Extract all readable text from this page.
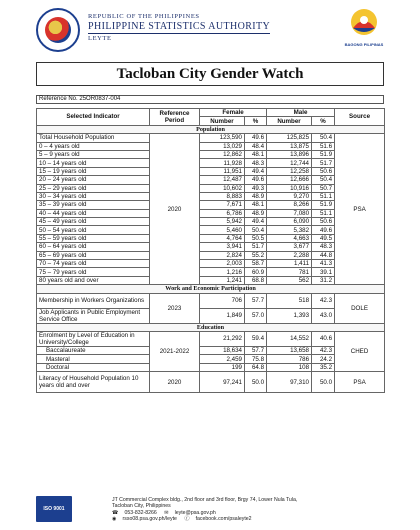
REPUBLIC OF THE PHILIPPINES
PHILIPPINE STATISTICS AUTHORITY
LEYTE
BAGONG PILIPINAS
Tacloban City Gender Watch
Reference No. 25OR0837-004
Selected Indicator	Reference Period	Female		Male		Source
		Number	%	Number	%	
Population						
Total Household Population	2020	123,590	49.6	125,825	50.4	PSA
0 – 4 years old		13,029	48.4	13,875	51.6	
5 – 9 years old		12,862	48.1	13,896	51.9	
10 – 14 years old		11,928	48.3	12,744	51.7	
15 – 19 years old		11,951	49.4	12,258	50.6	
20 – 24 years old		12,487	49.6	12,666	50.4	
25 – 29 years old		10,602	49.3	10,916	50.7	
30 – 34 years old		8,883	48.9	9,270	51.1	
35 – 39 years old		7,671	48.1	8,266	51.9	
40 – 44 years old		6,786	48.9	7,080	51.1	
45 – 49 years old		5,942	49.4	6,090	50.6	
50 – 54 years old		5,460	50.4	5,382	49.6	
55 – 59 years old		4,764	50.5	4,663	49.5	
60 – 64 years old		3,941	51.7	3,677	48.3	
65 – 69 years old		2,824	55.2	2,288	44.8	
70 – 74 years old		2,003	58.7	1,411	41.3	
75 – 79 years old		1,216	60.9	781	39.1	
80 years old and over		1,241	68.8	562	31.2	
Work and Economic Participation						
Membership in Workers Organizations	2023	706	57.7	518	42.3	DOLE
Job Applicants in Public Employment Service Office		1,849	57.0	1,393	43.0	
Education						
Enrolment by Level of Education in University/College	2021-2022	21,292	59.4	14,552	40.6	CHED
Baccalaureate		18,634	57.7	13,658	42.3	
Masteral		2,459	75.8	786	24.2	
Doctoral		199	64.8	108	35.2	
Literacy of Household Population 10 years old and over	2020	97,241	50.0	97,310	50.0	PSA
ISO 9001
JT Commercial Complex bldg., 2nd floor and 3rd floor, Brgy 74, Lower Nula Tula, Tacloban City, Philippines
☎ 053-832-8266 ✉ leyte@psa.gov.ph
◉ rsso08.psa.gov.ph/leyte ⓕ facebook.com/psaleyte2
